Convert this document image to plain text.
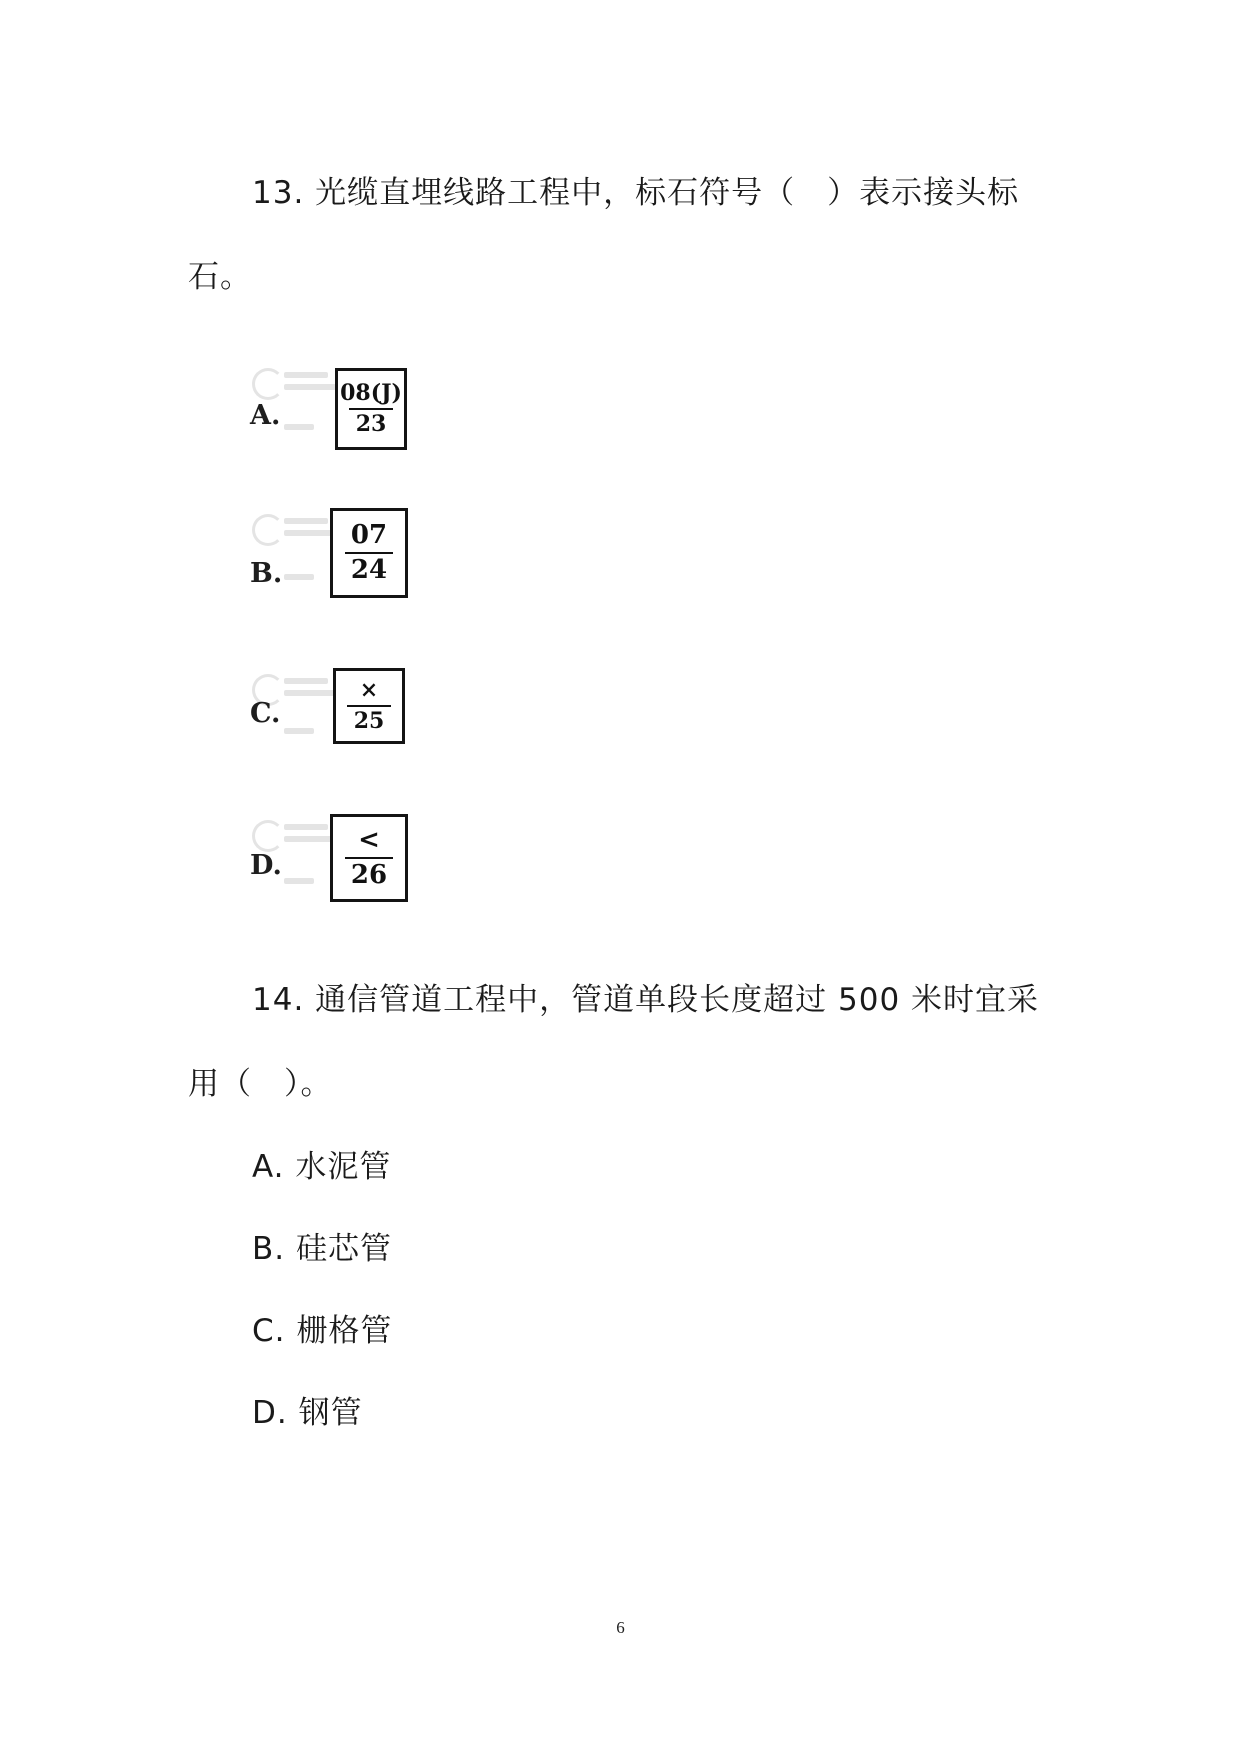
13. 光缆直埋线路工程中，标石符号（　）表示接头标石。

A.
08(J)
23
B.
07
24
C.
×
25
D.
<
26

14. 通信管道工程中，管道单段长度超过 500 米时宜采用（　）。

A. 水泥管

B. 硅芯管

C. 栅格管

D. 钢管

6
